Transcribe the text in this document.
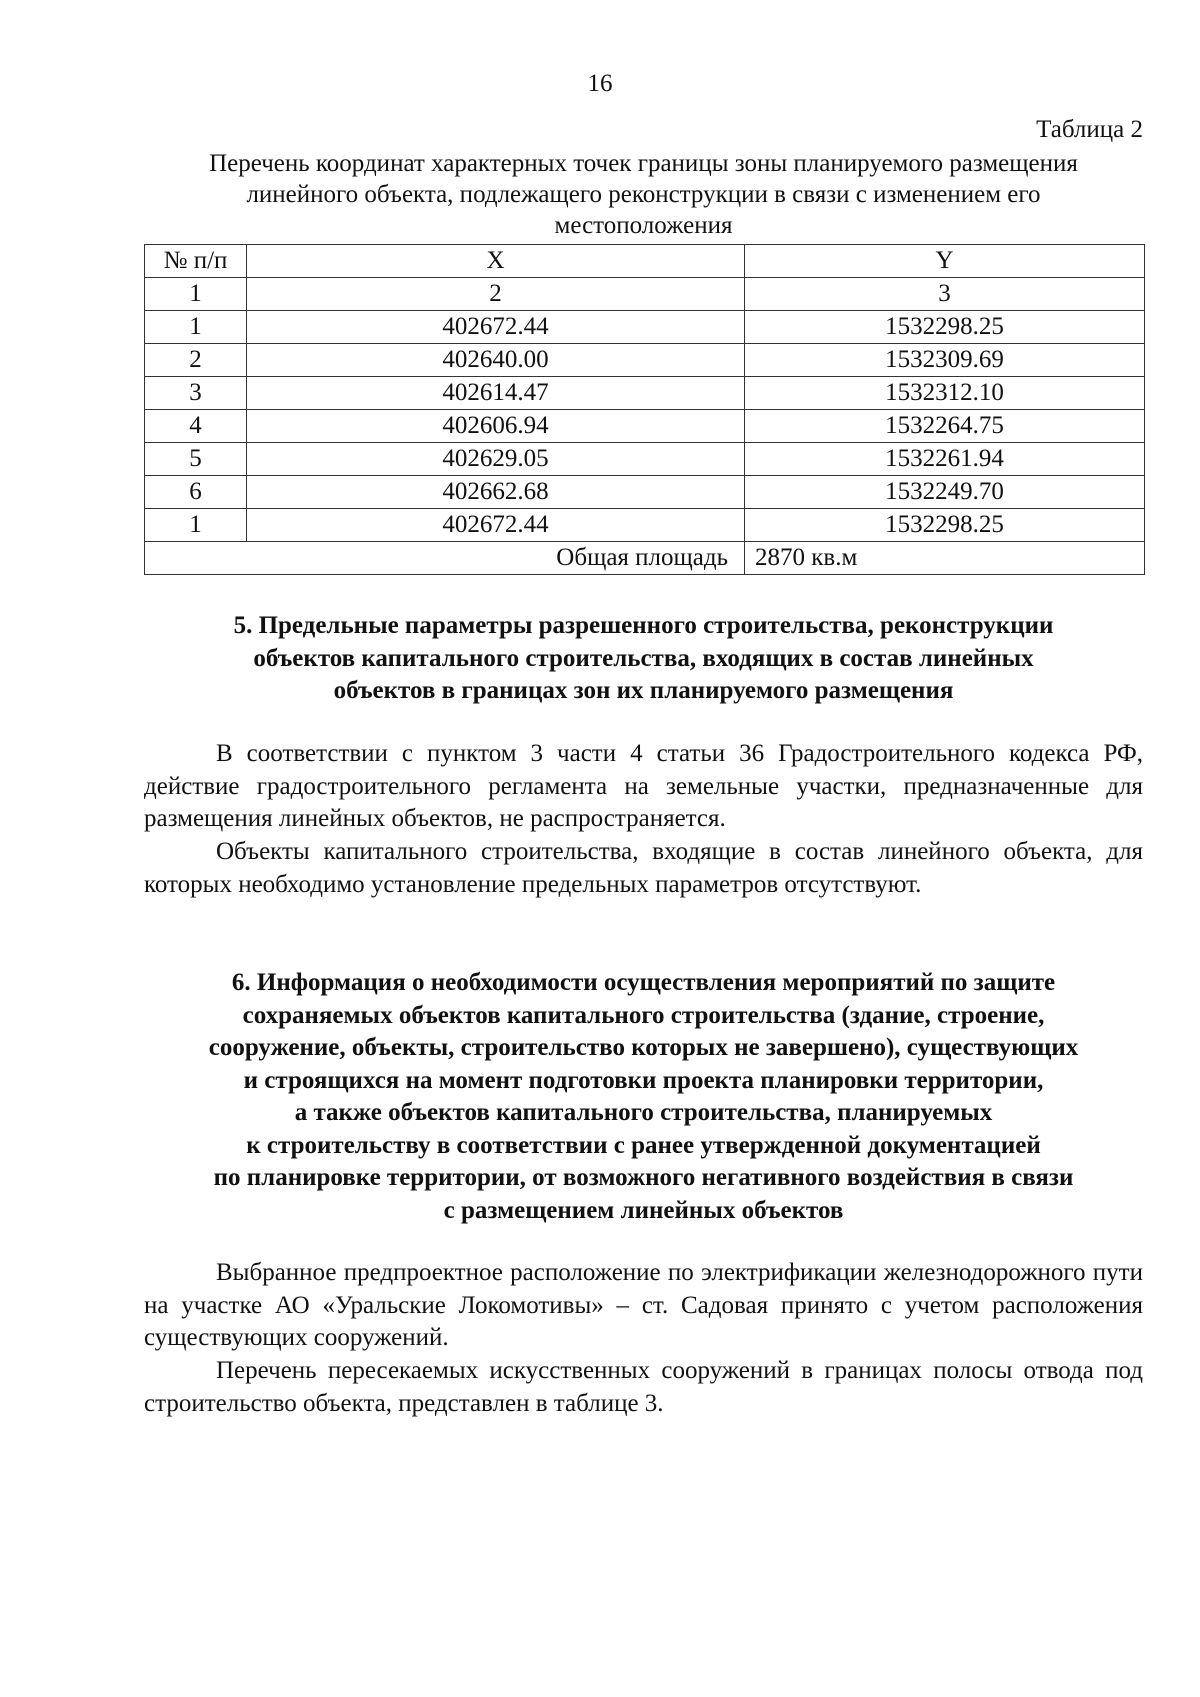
16
Таблица 2
Перечень координат характерных точек границы зоны планируемого размещения
линейного объекта, подлежащего реконструкции в связи с изменением его
местоположения
№ п/п	X	Y
1	2	3
1	402672.44	1532298.25
2	402640.00	1532309.69
3	402614.47	1532312.10
4	402606.94	1532264.75
5	402629.05	1532261.94
6	402662.68	1532249.70
1	402672.44	1532298.25
Общая площадь		2870 кв.м
5. Предельные параметры разрешенного строительства, реконструкции
объектов капитального строительства, входящих в состав линейных
объектов в границах зон их планируемого размещения
В соответствии с пунктом 3 части 4 статьи 36 Градостроительного кодекса РФ, действие градостроительного регламента на земельные участки, предназначенные для размещения линейных объектов, не распространяется.
Объекты капитального строительства, входящие в состав линейного объекта, для которых необходимо установление предельных параметров отсутствуют.
6. Информация о необходимости осуществления мероприятий по защите
сохраняемых объектов капитального строительства (здание, строение,
сооружение, объекты, строительство которых не завершено), существующих
и строящихся на момент подготовки проекта планировки территории,
а также объектов капитального строительства, планируемых
к строительству в соответствии с ранее утвержденной документацией
по планировке территории, от возможного негативного воздействия в связи
с размещением линейных объектов
Выбранное предпроектное расположение по электрификации железнодорожного пути на участке АО «Уральские Локомотивы» – ст. Садовая принято с учетом расположения существующих сооружений.
Перечень пересекаемых искусственных сооружений в границах полосы отвода под строительство объекта, представлен в таблице 3.
